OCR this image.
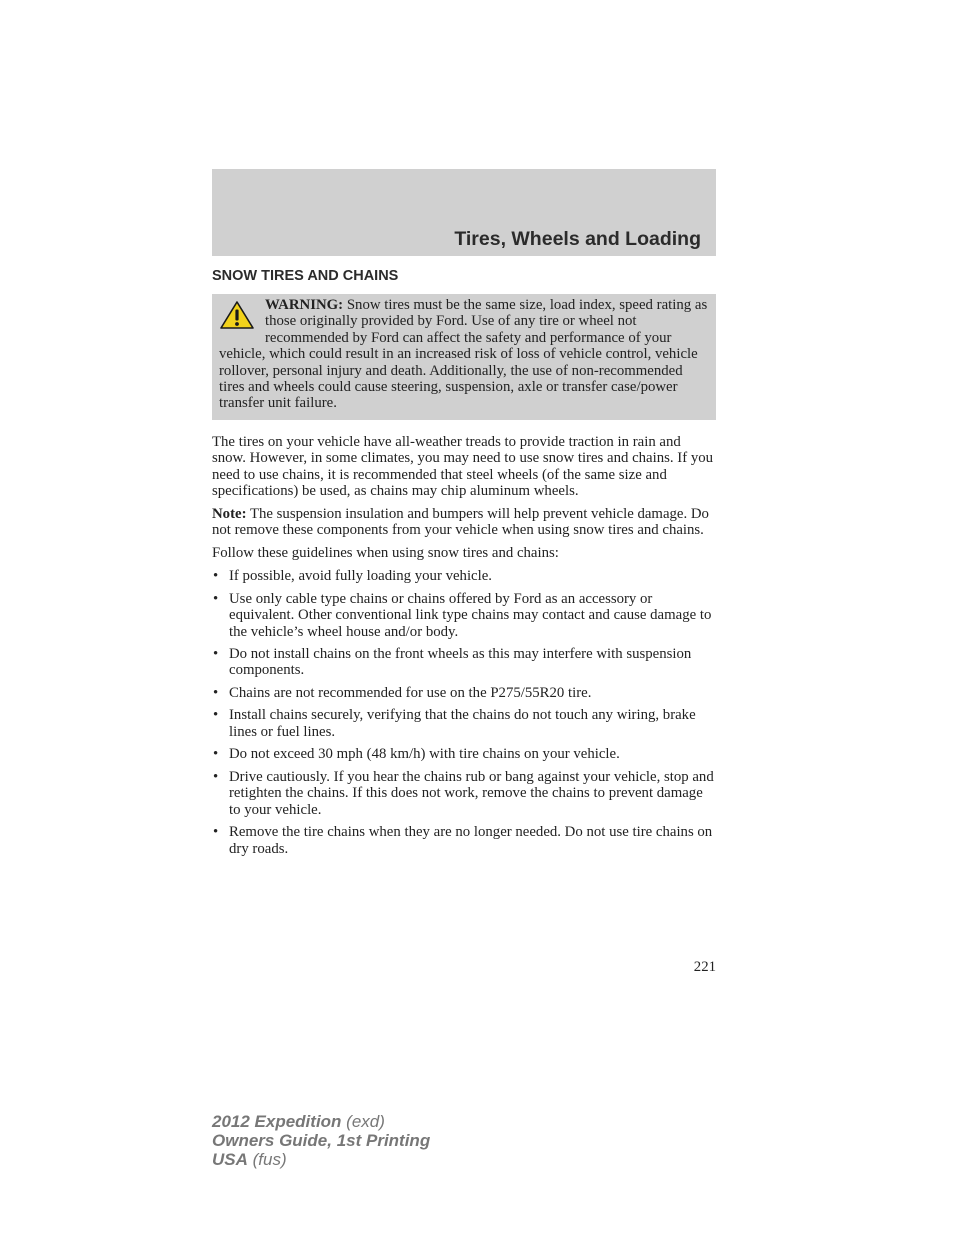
Tires, Wheels and Loading
SNOW TIRES AND CHAINS
WARNING: Snow tires must be the same size, load index, speed rating as those originally provided by Ford. Use of any tire or wheel not recommended by Ford can affect the safety and performance of your vehicle, which could result in an increased risk of loss of vehicle control, vehicle rollover, personal injury and death. Additionally, the use of non-recommended tires and wheels could cause steering, suspension, axle or transfer case/power transfer unit failure.

The tires on your vehicle have all-weather treads to provide traction in rain and snow. However, in some climates, you may need to use snow tires and chains. If you need to use chains, it is recommended that steel wheels (of the same size and specifications) be used, as chains may chip aluminum wheels.

Note: The suspension insulation and bumpers will help prevent vehicle damage. Do not remove these components from your vehicle when using snow tires and chains.

Follow these guidelines when using snow tires and chains:

• If possible, avoid fully loading your vehicle.
• Use only cable type chains or chains offered by Ford as an accessory or equivalent. Other conventional link type chains may contact and cause damage to the vehicle’s wheel house and/or body.
• Do not install chains on the front wheels as this may interfere with suspension components.
• Chains are not recommended for use on the P275/55R20 tire.
• Install chains securely, verifying that the chains do not touch any wiring, brake lines or fuel lines.
• Do not exceed 30 mph (48 km/h) with tire chains on your vehicle.
• Drive cautiously. If you hear the chains rub or bang against your vehicle, stop and retighten the chains. If this does not work, remove the chains to prevent damage to your vehicle.
• Remove the tire chains when they are no longer needed. Do not use tire chains on dry roads.
221
2012 Expedition (exd)
Owners Guide, 1st Printing
USA (fus)
